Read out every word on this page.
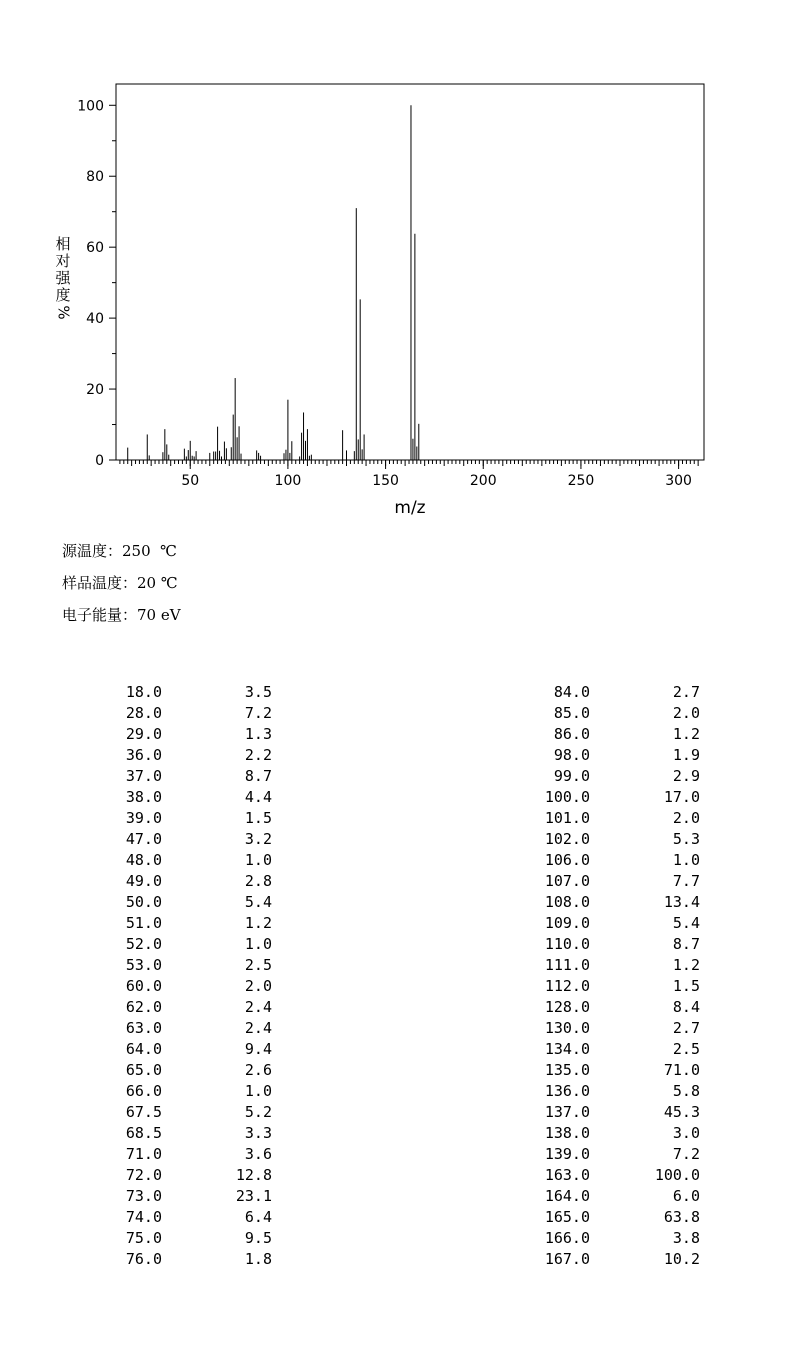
0
20
40
60
80
100
50	100	150	200	250	300
m/z
相
对
强
度
%
源温度：250  ℃
样品温度：20 ℃
电子能量：70 eV
18.0	3.5
28.0	7.2
29.0	1.3
36.0	2.2
37.0	8.7
38.0	4.4
39.0	1.5
47.0	3.2
48.0	1.0
49.0	2.8
50.0	5.4
51.0	1.2
52.0	1.0
53.0	2.5
60.0	2.0
62.0	2.4
63.0	2.4
64.0	9.4
65.0	2.6
66.0	1.0
67.5	5.2
68.5	3.3
71.0	3.6
72.0	12.8
73.0	23.1
74.0	6.4
75.0	9.5
76.0	1.8
84.0	2.7
85.0	2.0
86.0	1.2
98.0	1.9
99.0	2.9
100.0	17.0
101.0	2.0
102.0	5.3
106.0	1.0
107.0	7.7
108.0	13.4
109.0	5.4
110.0	8.7
111.0	1.2
112.0	1.5
128.0	8.4
130.0	2.7
134.0	2.5
135.0	71.0
136.0	5.8
137.0	45.3
138.0	3.0
139.0	7.2
163.0	100.0
164.0	6.0
165.0	63.8
166.0	3.8
167.0	10.2
